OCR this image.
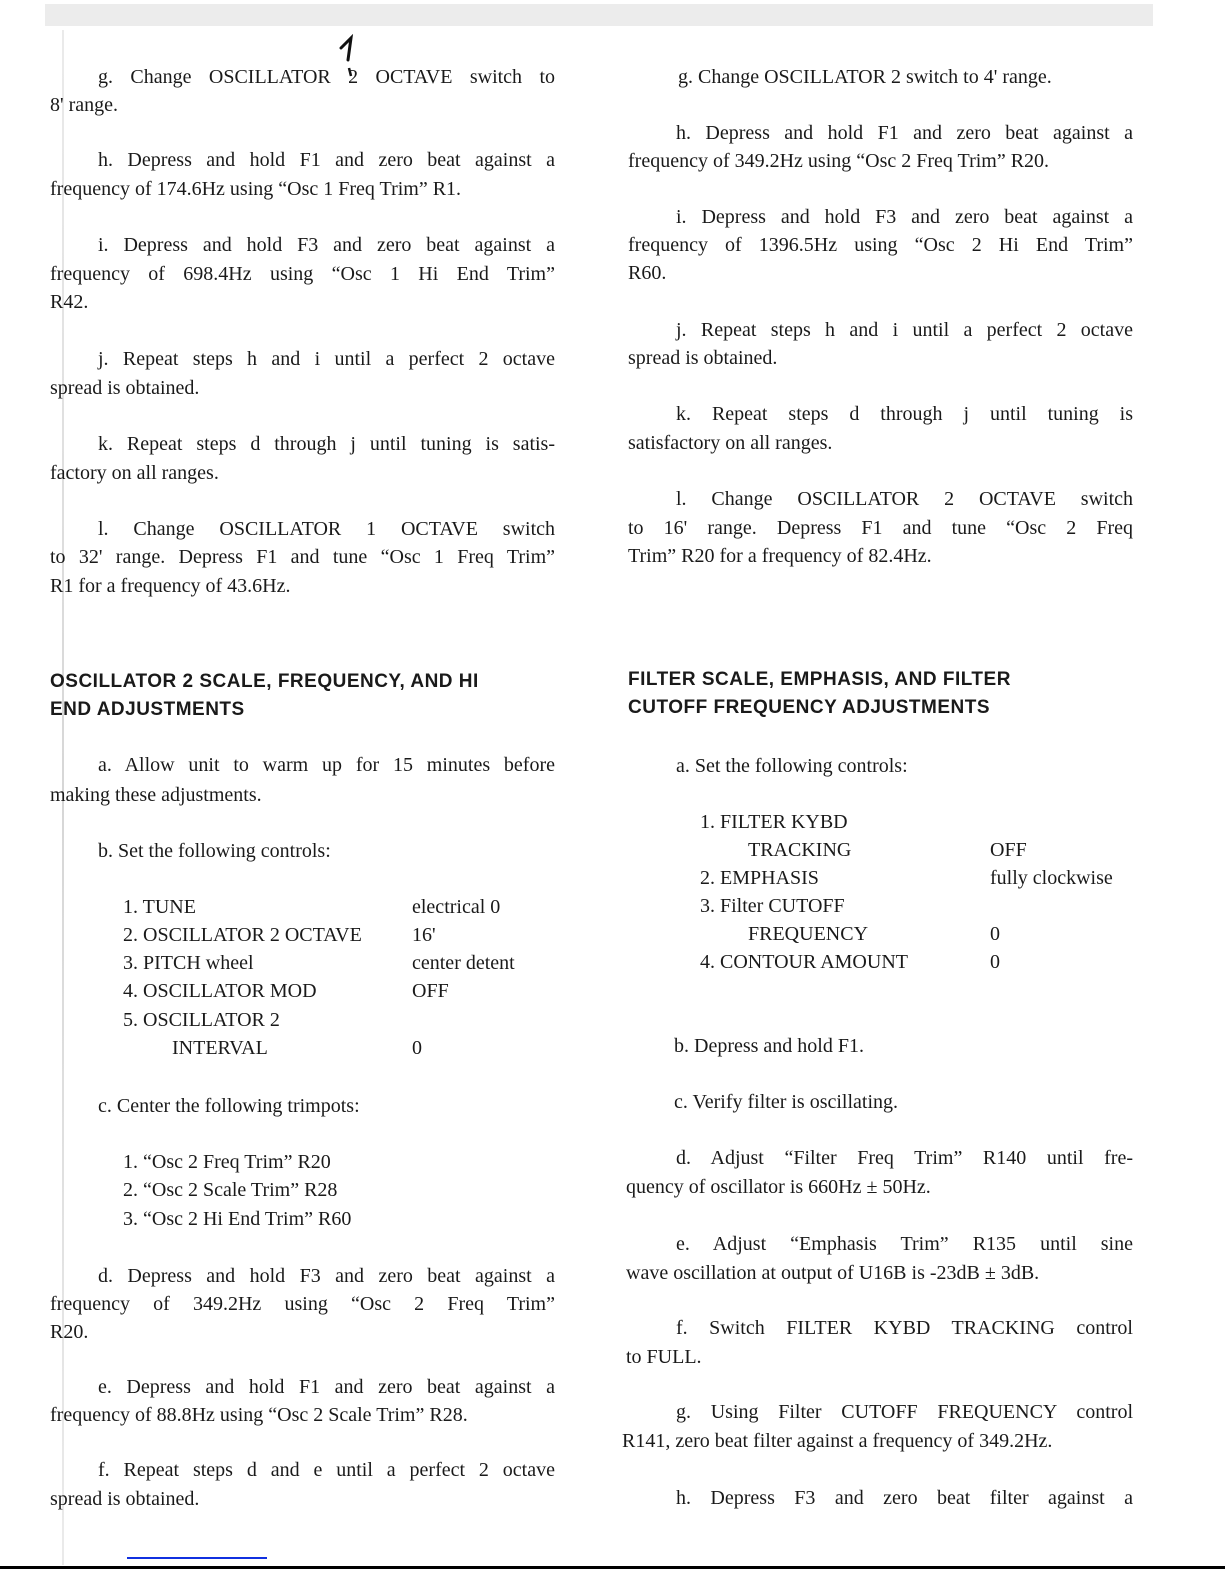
g. Change OSCILLATOR 2 OCTAVE switch to
8' range.
h. Depress and hold F1 and zero beat against a
frequency of 174.6Hz using “Osc 1 Freq Trim” R1.
i. Depress and hold F3 and zero beat against a
frequency of 698.4Hz using “Osc 1 Hi End Trim”
R42.
j. Repeat steps h and i until a perfect 2 octave
spread is obtained.
k. Repeat steps d through j until tuning is satis-
factory on all ranges.
l. Change OSCILLATOR 1 OCTAVE switch
to 32' range. Depress F1 and tune “Osc 1 Freq Trim”
R1 for a frequency of 43.6Hz.
OSCILLATOR 2 SCALE, FREQUENCY, AND HI
END ADJUSTMENTS
a. Allow unit to warm up for 15 minutes before
making these adjustments.
b. Set the following controls:
1. TUNE	electrical 0
2. OSCILLATOR 2 OCTAVE	16'
3. PITCH wheel	center detent
4. OSCILLATOR MOD	OFF
5. OSCILLATOR 2
INTERVAL	0
c. Center the following trimpots:
1. “Osc 2 Freq Trim” R20
2. “Osc 2 Scale Trim” R28
3. “Osc 2 Hi End Trim” R60
d. Depress and hold F3 and zero beat against a
frequency of 349.2Hz using “Osc 2 Freq Trim”
R20.
e. Depress and hold F1 and zero beat against a
frequency of 88.8Hz using “Osc 2 Scale Trim” R28.
f. Repeat steps d and e until a perfect 2 octave
spread is obtained.
g. Change OSCILLATOR 2 switch to 4' range.
h. Depress and hold F1 and zero beat against a
frequency of 349.2Hz using “Osc 2 Freq Trim” R20.
i. Depress and hold F3 and zero beat against a
frequency of 1396.5Hz using “Osc 2 Hi End Trim”
R60.
j. Repeat steps h and i until a perfect 2 octave
spread is obtained.
k. Repeat steps d through j until tuning is
satisfactory on all ranges.
l. Change OSCILLATOR 2 OCTAVE switch
to 16' range. Depress F1 and tune “Osc 2 Freq
Trim” R20 for a frequency of 82.4Hz.
FILTER SCALE, EMPHASIS, AND FILTER
CUTOFF FREQUENCY ADJUSTMENTS
a. Set the following controls:
1. FILTER KYBD
TRACKING	OFF
2. EMPHASIS	fully clockwise
3. Filter CUTOFF
FREQUENCY	0
4. CONTOUR AMOUNT	0
b. Depress and hold F1.
c. Verify filter is oscillating.
d. Adjust “Filter Freq Trim” R140 until fre-
quency of oscillator is 660Hz ± 50Hz.
e. Adjust “Emphasis Trim” R135 until sine
wave oscillation at output of U16B is -23dB ± 3dB.
f. Switch FILTER KYBD TRACKING control
to FULL.
g. Using Filter CUTOFF FREQUENCY control
R141, zero beat filter against a frequency of 349.2Hz.
h. Depress F3 and zero beat filter against a
